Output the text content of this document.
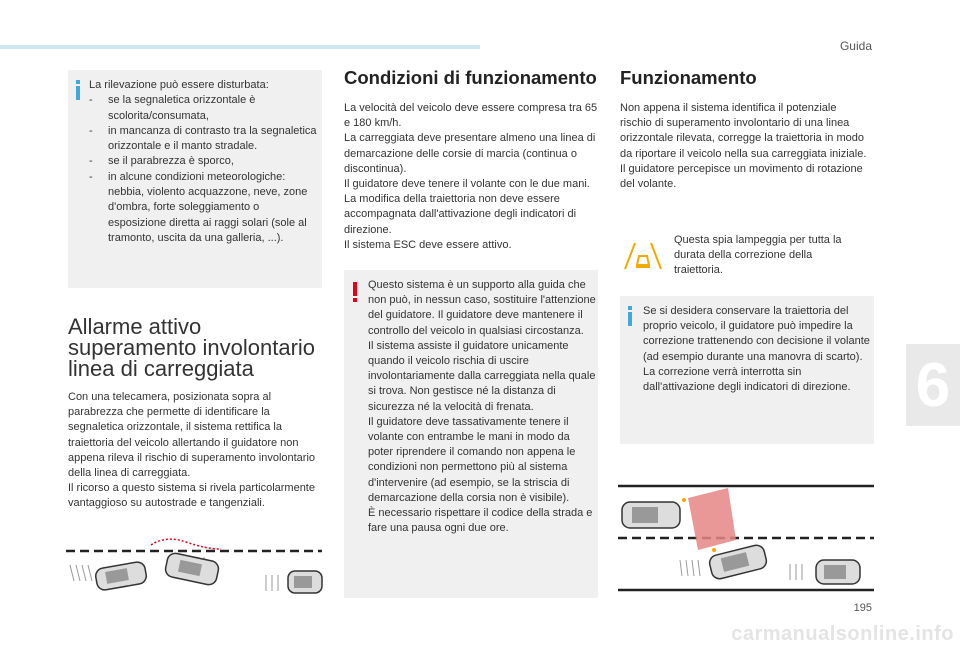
Guida
La rilevazione può essere disturbata:
- se la segnaletica orizzontale è scolorita/consumata,
- in mancanza di contrasto tra la segnaletica orizzontale e il manto stradale.
- se il parabrezza è sporco,
- in alcune condizioni meteorologiche: nebbia, violento acquazzone, neve, zone d'ombra, forte soleggiamento o esposizione diretta ai raggi solari (sole al tramonto, uscita da una galleria, ...).
Allarme attivo superamento involontario linea di carreggiata
Con una telecamera, posizionata sopra al parabrezza che permette di identificare la segnaletica orizzontale, il sistema rettifica la traiettoria del veicolo allertando il guidatore non appena rileva il rischio di superamento involontario della linea di carreggiata.
Il ricorso a questo sistema si rivela particolarmente vantaggioso su autostrade e tangenziali.
Condizioni di funzionamento
La velocità del veicolo deve essere compresa tra 65 e 180 km/h.
La carreggiata deve presentare almeno una linea di demarcazione delle corsie di marcia (continua o discontinua).
Il guidatore deve tenere il volante con le due mani.
La modifica della traiettoria non deve essere accompagnata dall'attivazione degli indicatori di direzione.
Il sistema ESC deve essere attivo.
Questo sistema è un supporto alla guida che non può, in nessun caso, sostituire l'attenzione del guidatore. Il guidatore deve mantenere il controllo del veicolo in qualsiasi circostanza.
Il sistema assiste il guidatore unicamente quando il veicolo rischia di uscire involontariamente dalla carreggiata nella quale si trova. Non gestisce né la distanza di sicurezza né la velocità di frenata.
Il guidatore deve tassativamente tenere il volante con entrambe le mani in modo da poter riprendere il comando non appena le condizioni non permettono più al sistema d'intervenire (ad esempio, se la striscia di demarcazione della corsia non è visibile).
È necessario rispettare il codice della strada e fare una pausa ogni due ore.
Funzionamento
Non appena il sistema identifica il potenziale rischio di superamento involontario di una linea orizzontale rilevata, corregge la traiettoria in modo da riportare il veicolo nella sua carreggiata iniziale.
Il guidatore percepisce un movimento di rotazione del volante.
Questa spia lampeggia per tutta la durata della correzione della traiettoria.
Se si desidera conservare la traiettoria del proprio veicolo, il guidatore può impedire la correzione trattenendo con decisione il volante (ad esempio durante una manovra di scarto).
La correzione verrà interrotta sin dall'attivazione degli indicatori di direzione.	6
195
carmanualsonline.info
